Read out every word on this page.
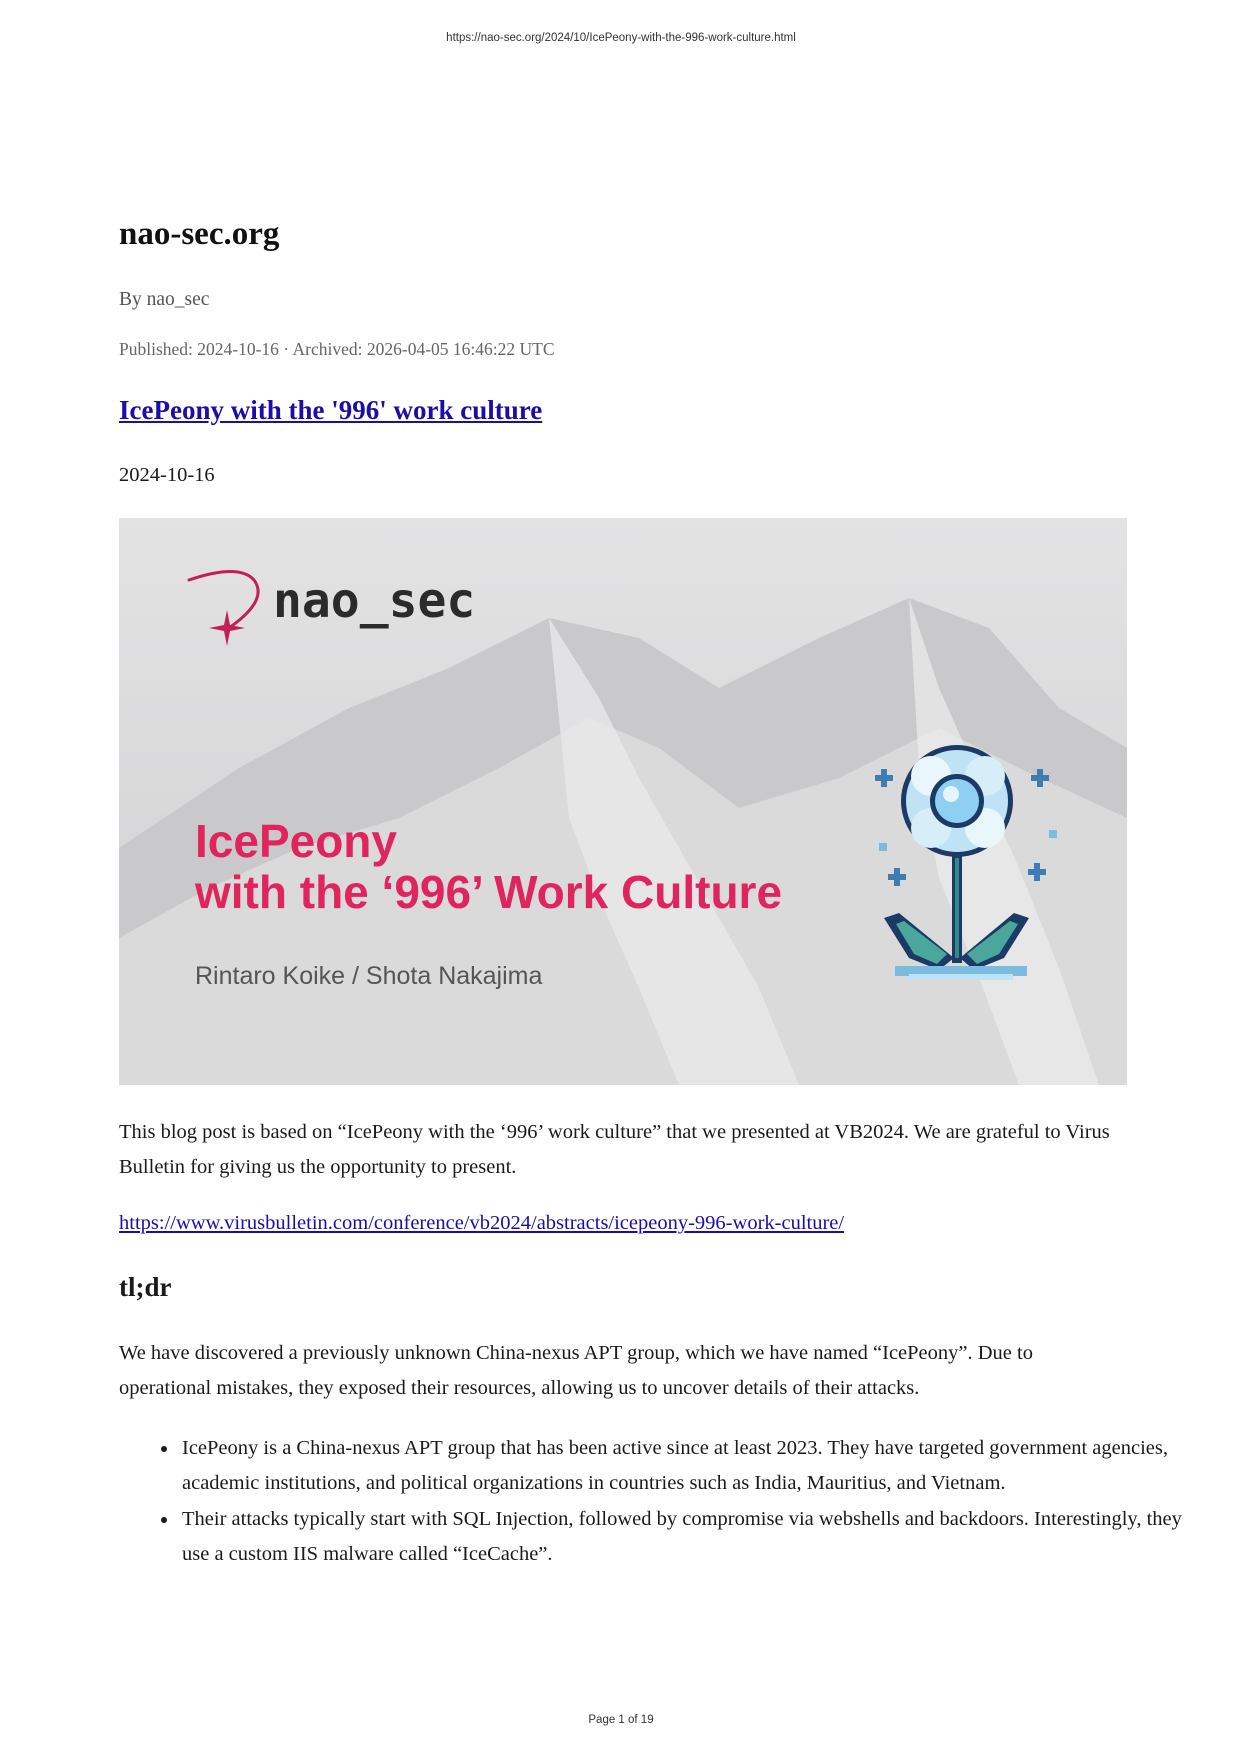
https://nao-sec.org/2024/10/IcePeony-with-the-996-work-culture.html
nao-sec.org
By nao_sec
Published: 2024-10-16 · Archived: 2026-04-05 16:46:22 UTC
IcePeony with the '996' work culture
2024-10-16
nao_sec
IcePeony
with the ‘996’ Work Culture
Rintaro Koike / Shota Nakajima

This blog post is based on “IcePeony with the ‘996’ work culture” that we presented at VB2024. We are grateful to Virus Bulletin for giving us the opportunity to present.

https://www.virusbulletin.com/conference/vb2024/abstracts/icepeony-996-work-culture/
tl;dr

We have discovered a previously unknown China-nexus APT group, which we have named “IcePeony”. Due to operational mistakes, they exposed their resources, allowing us to uncover details of their attacks.

IcePeony is a China-nexus APT group that has been active since at least 2023. They have targeted government agencies, academic institutions, and political organizations in countries such as India, Mauritius, and Vietnam.
Their attacks typically start with SQL Injection, followed by compromise via webshells and backdoors. Interestingly, they use a custom IIS malware called “IceCache”.
Page 1 of 19
